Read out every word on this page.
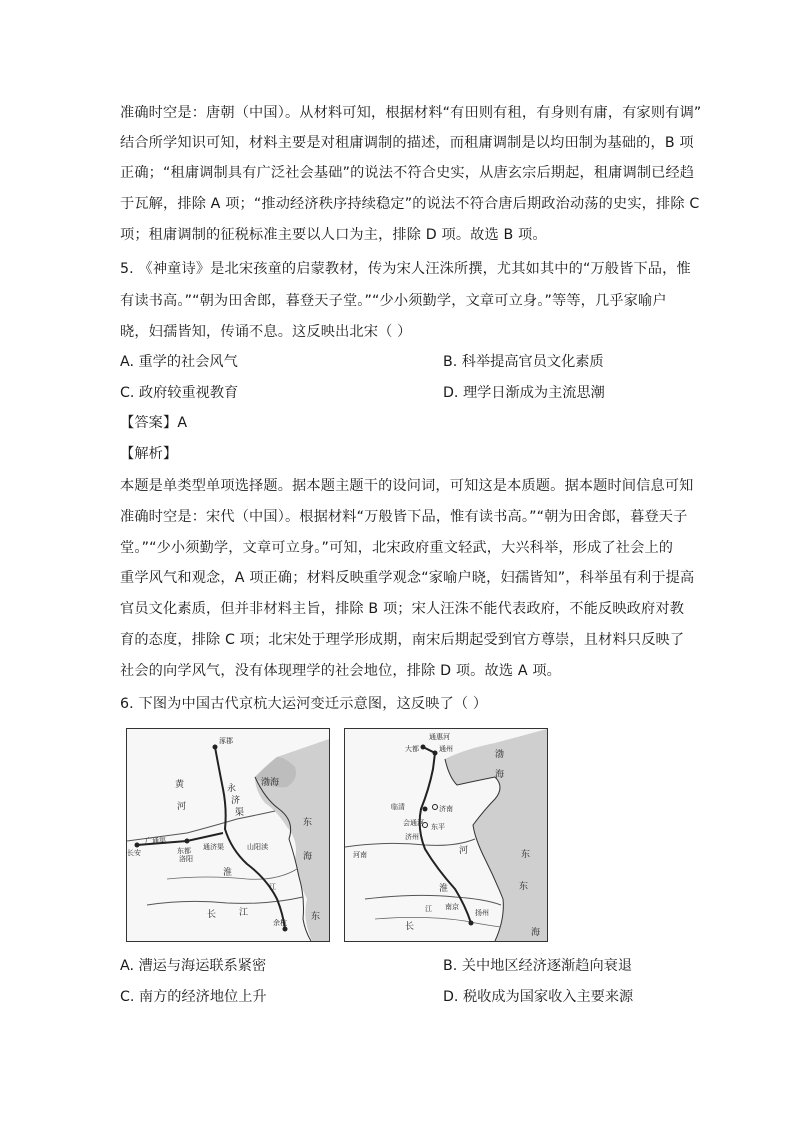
准确时空是：唐朝（中国）。从材料可知，根据材料“有田则有租，有身则有庸，有家则有调”
结合所学知识可知，材料主要是对租庸调制的描述，而租庸调制是以均田制为基础的，B 项
正确；“租庸调制具有广泛社会基础”的说法不符合史实，从唐玄宗后期起，租庸调制已经趋
于瓦解，排除 A 项；“推动经济秩序持续稳定”的说法不符合唐后期政治动荡的史实，排除 C
项；租庸调制的征税标准主要以人口为主，排除 D 项。故选 B 项。
5. 《神童诗》是北宋孩童的启蒙教材，传为宋人汪洙所撰，尤其如其中的“万般皆下品，惟
有读书高。”“朝为田舍郎，暮登天子堂。”“少小须勤学，文章可立身。”等等，几乎家喻户
晓，妇孺皆知，传诵不息。这反映出北宋（ ）
A. 重学的社会风气	B. 科举提高官员文化素质
C. 政府较重视教育	D. 理学日渐成为主流思潮
【答案】A
【解析】
本题是单类型单项选择题。据本题主题干的设问词，可知这是本质题。据本题时间信息可知
准确时空是：宋代（中国）。根据材料“万般皆下品，惟有读书高。”“朝为田舍郎，暮登天子
堂。”“少小须勤学，文章可立身。”可知，北宋政府重文轻武，大兴科举，形成了社会上的
重学风气和观念，A 项正确；材料反映重学观念“家喻户晓，妇孺皆知”，科举虽有利于提高
官员文化素质，但并非材料主旨，排除 B 项；宋人汪洙不能代表政府，不能反映政府对教
育的态度，排除 C 项；北宋处于理学形成期，南宋后期起受到官方尊崇，且材料只反映了
社会的向学风气，没有体现理学的社会地位，排除 D 项。故选 A 项。
6. 下图为中国古代京杭大运河变迁示意图，这反映了（ ）
涿郡
黄
河
永
济
渠
渤海
东
长安
广通渠
东都
洛阳
通济渠
淮
山阳渎
海
江
余杭
长	江	东
通惠河
大都	通州
渤
海
临清	济南
会通河 东平
河
济州
河南	东
淮
江 南京
长
扬州
海
东
A. 漕运与海运联系紧密	B. 关中地区经济逐渐趋向衰退
C. 南方的经济地位上升	D. 税收成为国家收入主要来源
